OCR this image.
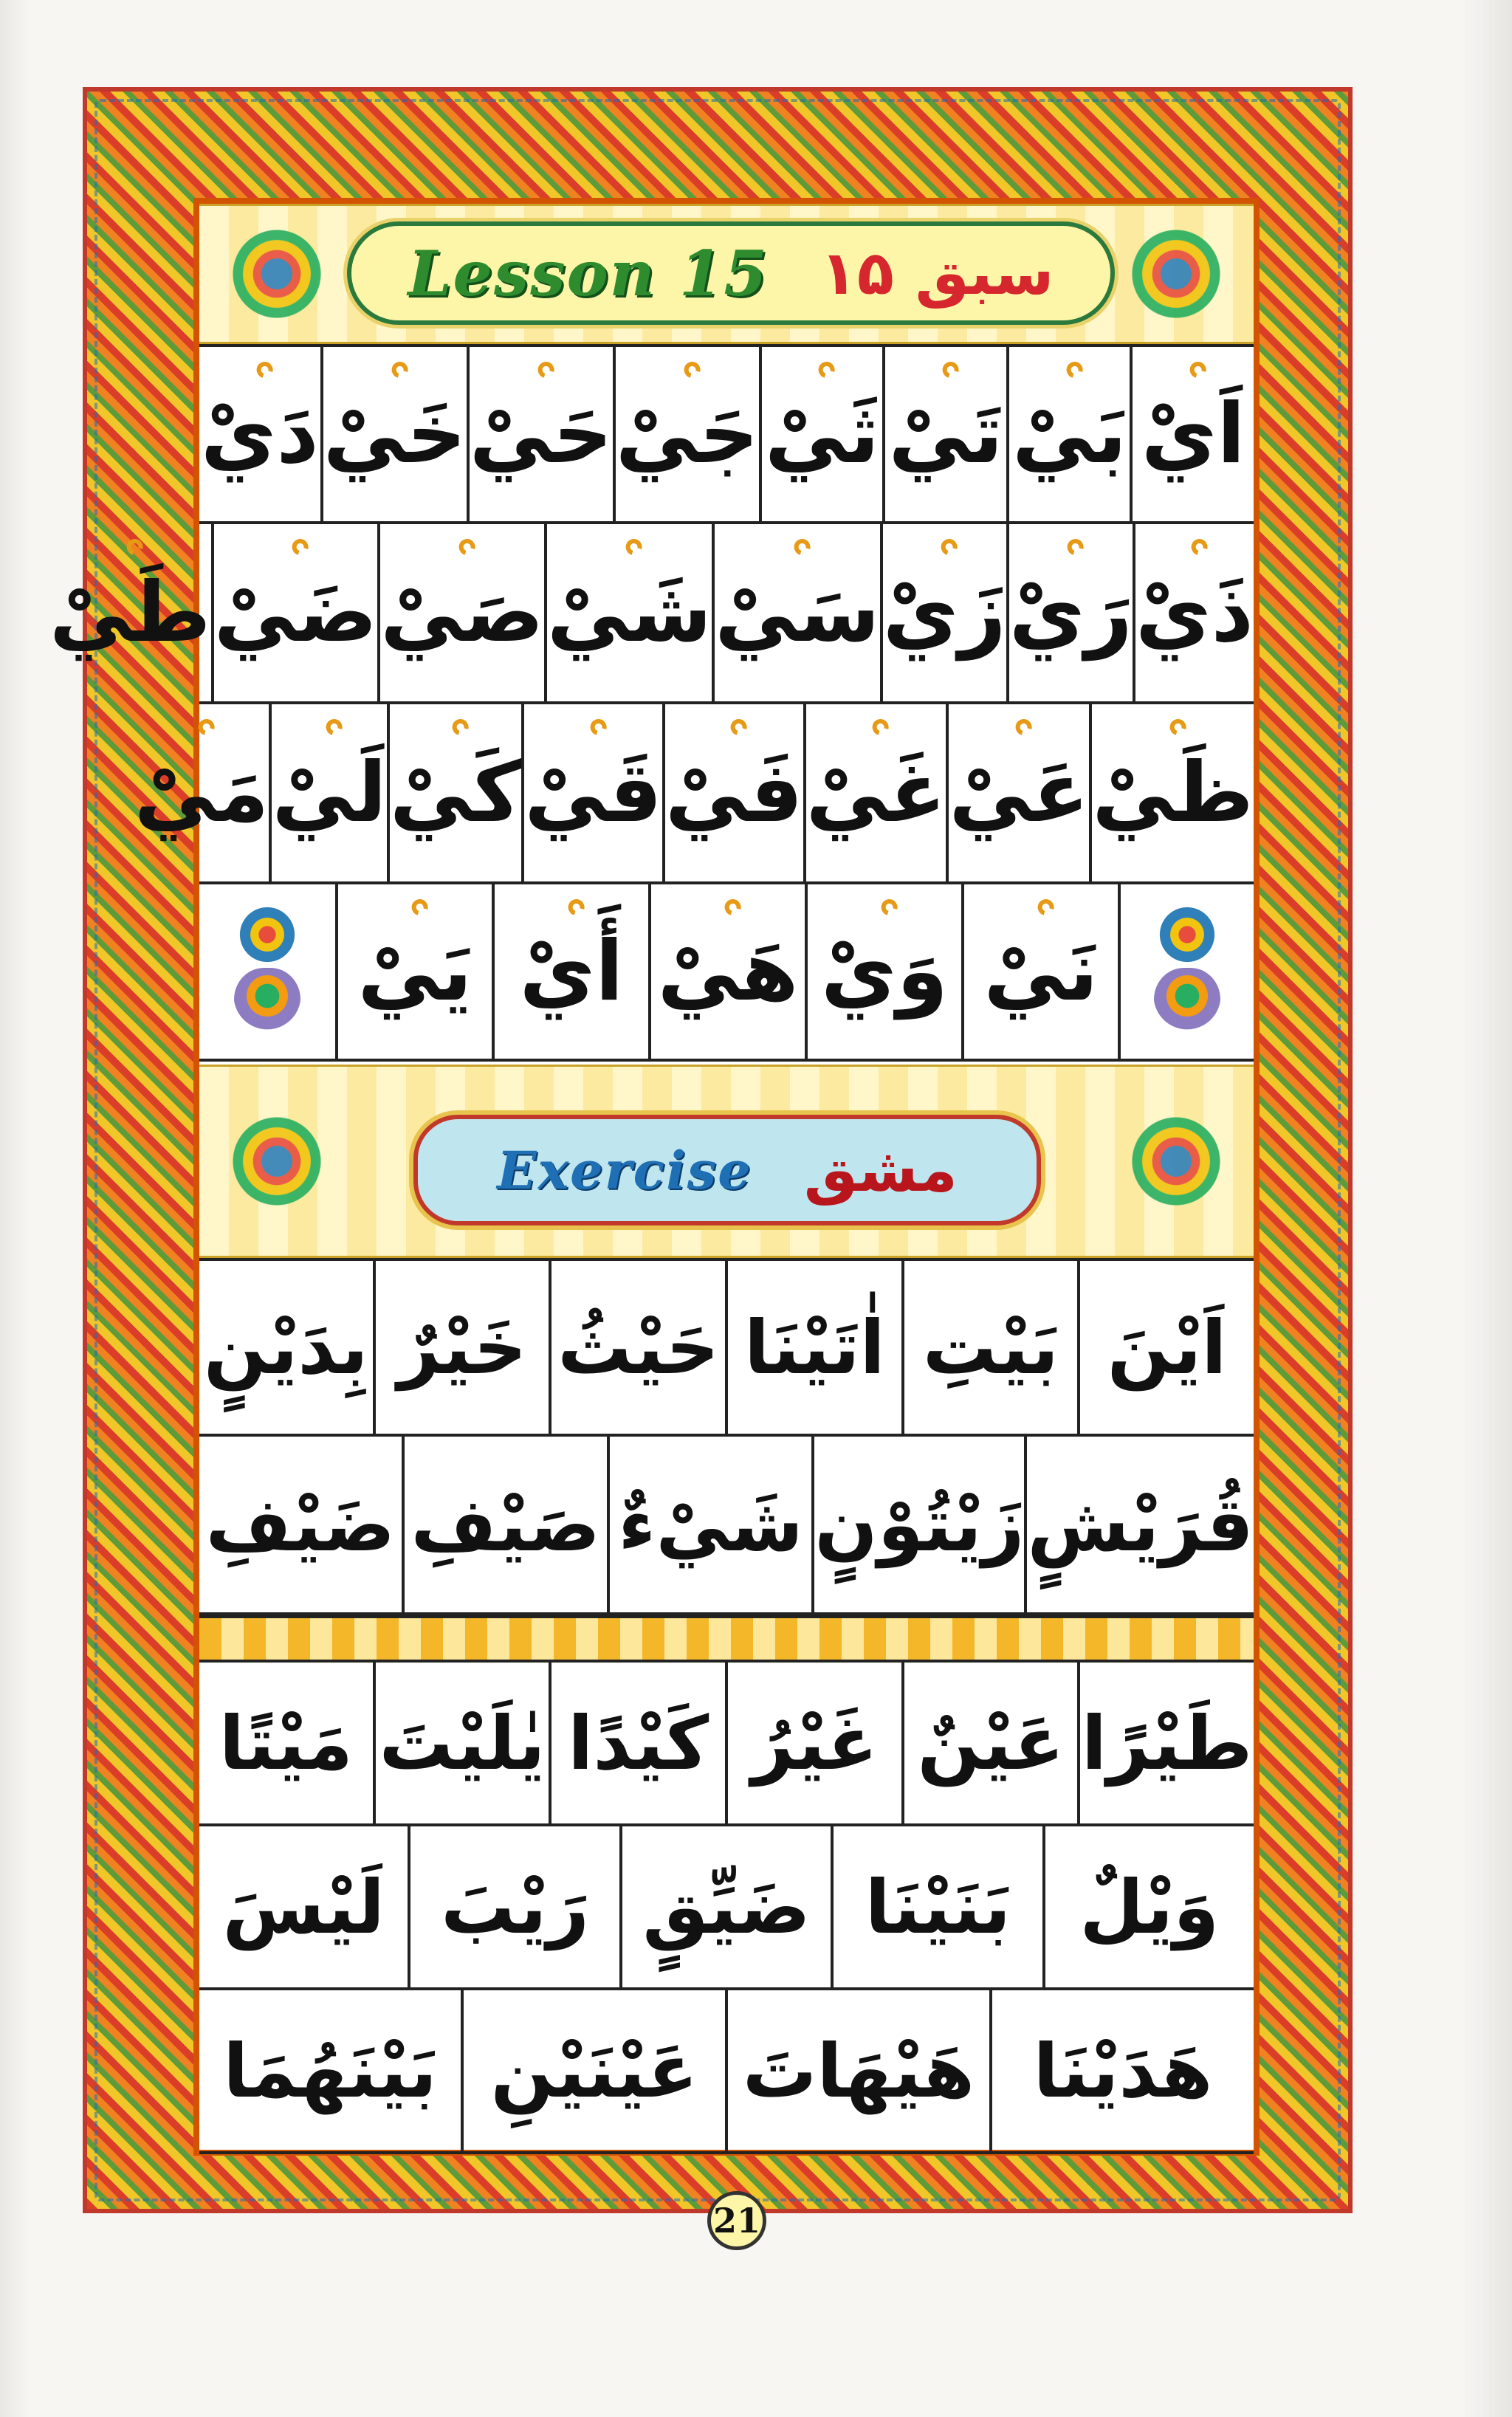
Lesson 15 سبق ۱۵
اَيْ
بَيْ
تَيْ
ثَيْ
جَيْ
حَيْ
خَيْ
دَيْ
ذَيْ
رَيْ
زَيْ
سَيْ
شَيْ
صَيْ
ضَيْ
طَيْ
ظَيْ
عَيْ
غَيْ
فَيْ
قَيْ
كَيْ
لَيْ
مَيْ
نَيْ
وَيْ
هَيْ
أَيْ
يَيْ
Exercise مشق
اَيْنَ
بَيْتِ
اٰتَيْنَا
حَيْثُ
خَيْرٌ
بِدَيْنٍ
قُرَيْشٍ
زَيْتُوْنٍ
شَيْءٌ
صَيْفِ
ضَيْفِ
طَيْرًا
عَيْنٌ
غَيْرُ
كَيْدًا
يٰلَيْتَ
مَيْتًا
وَيْلٌ
بَنَيْنَا
ضَيِّقٍ
رَيْبَ
لَيْسَ
هَدَيْنَا
هَيْهَاتَ
عَيْنَيْنِ
بَيْنَهُمَا
21
